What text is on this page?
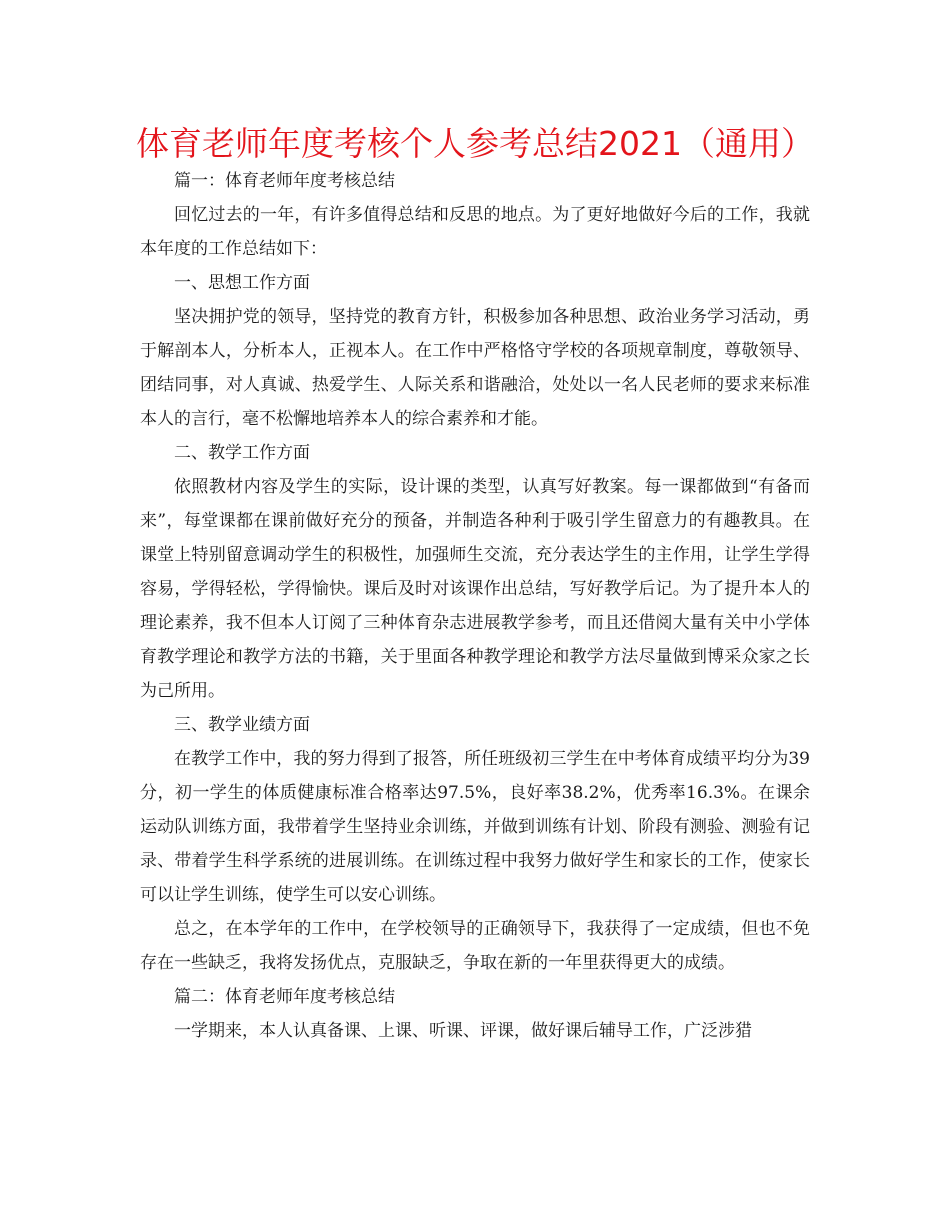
体育老师年度考核个人参考总结2021（通用）

篇一：体育老师年度考核总结

回忆过去的一年，有许多值得总结和反思的地点。为了更好地做好今后的工作，我就本年度的工作总结如下：

一、思想工作方面

坚决拥护党的领导，坚持党的教育方针，积极参加各种思想、政治业务学习活动，勇于解剖本人，分析本人，正视本人。在工作中严格恪守学校的各项规章制度，尊敬领导、团结同事，对人真诚、热爱学生、人际关系和谐融洽，处处以一名人民老师的要求来标准本人的言行，毫不松懈地培养本人的综合素养和才能。

二、教学工作方面

依照教材内容及学生的实际，设计课的类型，认真写好教案。每一课都做到“有备而来”，每堂课都在课前做好充分的预备，并制造各种利于吸引学生留意力的有趣教具。在课堂上特别留意调动学生的积极性，加强师生交流，充分表达学生的主作用，让学生学得容易，学得轻松，学得愉快。课后及时对该课作出总结，写好教学后记。为了提升本人的理论素养，我不但本人订阅了三种体育杂志进展教学参考，而且还借阅大量有关中小学体育教学理论和教学方法的书籍，关于里面各种教学理论和教学方法尽量做到博采众家之长为己所用。

三、教学业绩方面

在教学工作中，我的努力得到了报答，所任班级初三学生在中考体育成绩平均分为39分，初一学生的体质健康标准合格率达97.5%，良好率38.2%，优秀率16.3%。在课余运动队训练方面，我带着学生坚持业余训练，并做到训练有计划、阶段有测验、测验有记录、带着学生科学系统的进展训练。在训练过程中我努力做好学生和家长的工作，使家长可以让学生训练，使学生可以安心训练。

总之，在本学年的工作中，在学校领导的正确领导下，我获得了一定成绩，但也不免存在一些缺乏，我将发扬优点，克服缺乏，争取在新的一年里获得更大的成绩。

篇二：体育老师年度考核总结

一学期来，本人认真备课、上课、听课、评课，做好课后辅导工作，广泛涉猎
